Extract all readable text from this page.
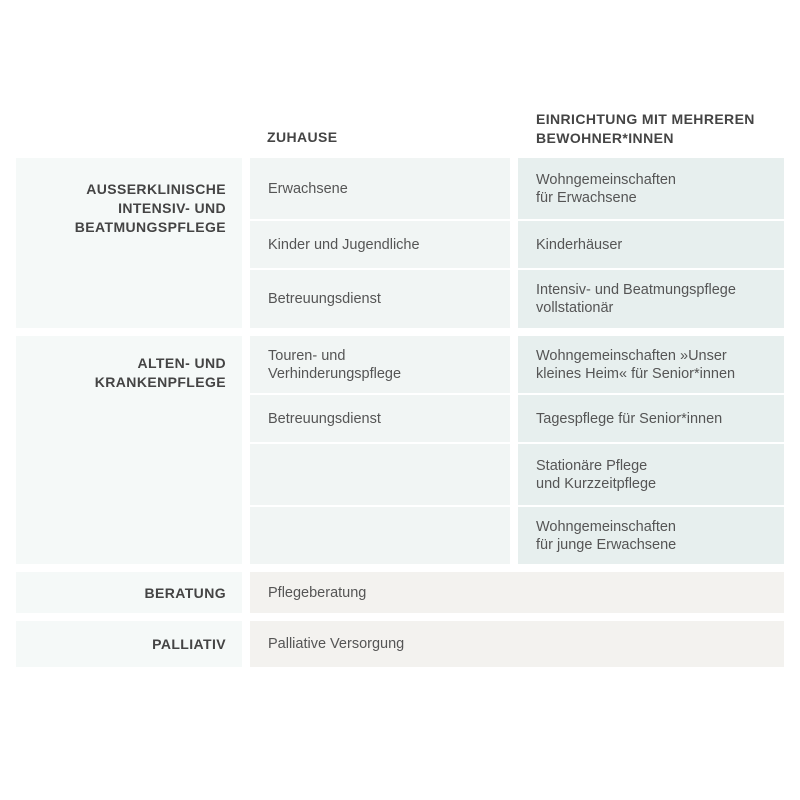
ZUHAUSE
EINRICHTUNG MIT MEHREREN
BEWOHNER*INNEN
AUSSERKLINISCHE
INTENSIV- UND
BEATMUNGSPFLEGE
Erwachsene
Kinder und Jugendliche
Betreuungsdienst
Wohngemeinschaften
für Erwachsene
Kinderhäuser
Intensiv- und Beatmungspflege
vollstationär
ALTEN- UND
KRANKENPFLEGE
Touren- und
Verhinderungspflege
Betreuungsdienst
Wohngemeinschaften »Unser
kleines Heim« für Senior*innen
Tagespflege für Senior*innen
Stationäre Pflege
und Kurzzeitpflege
Wohngemeinschaften
für junge Erwachsene
BERATUNG	Pflegeberatung
PALLIATIV	Palliative Versorgung
